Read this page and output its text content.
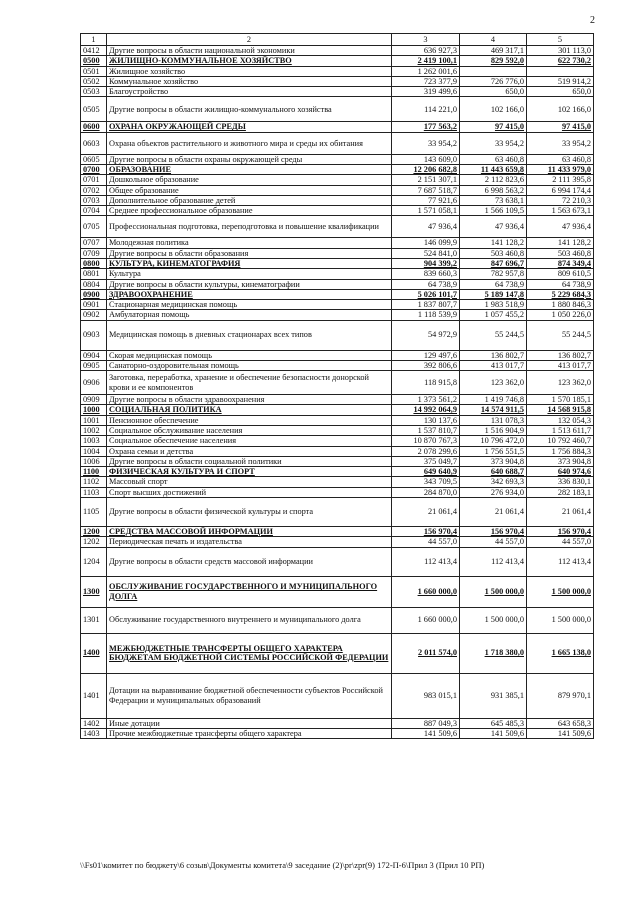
2
1	2	3	4	5
0412	Другие вопросы в области национальной экономики	636 927,3	469 317,1	301 113,0
0500	ЖИЛИЩНО-КОММУНАЛЬНОЕ ХОЗЯЙСТВО	2 419 100,1	829 592,0	622 730,2
0501	Жилищное хозяйство	1 262 001,6		
0502	Коммунальное хозяйство	723 377,9	726 776,0	519 914,2
0503	Благоустройство	319 499,6	650,0	650,0
0505	Другие вопросы в области жилищно-коммунального хозяйства	114 221,0	102 166,0	102 166,0
0600	ОХРАНА ОКРУЖАЮЩЕЙ СРЕДЫ	177 563,2	97 415,0	97 415,0
0603	Охрана объектов растительного и животного мира и среды их обитания	33 954,2	33 954,2	33 954,2
0605	Другие вопросы в области охраны окружающей среды	143 609,0	63 460,8	63 460,8
0700	ОБРАЗОВАНИЕ	12 206 682,8	11 443 659,8	11 433 979,0
0701	Дошкольное образование	2 151 307,1	2 112 823,6	2 111 395,8
0702	Общее образование	7 687 518,7	6 998 563,2	6 994 174,4
0703	Дополнительное образование детей	77 921,6	73 638,1	72 210,3
0704	Среднее профессиональное образование	1 571 058,1	1 566 109,5	1 563 673,1
0705	Профессиональная подготовка, переподготовка и повышение квалификации	47 936,4	47 936,4	47 936,4
0707	Молодежная политика	146 099,9	141 128,2	141 128,2
0709	Другие вопросы в области образования	524 841,0	503 460,8	503 460,8
0800	КУЛЬТУРА, КИНЕМАТОГРАФИЯ	904 399,2	847 696,7	874 349,4
0801	Культура	839 660,3	782 957,8	809 610,5
0804	Другие вопросы в области культуры, кинематографии	64 738,9	64 738,9	64 738,9
0900	ЗДРАВООХРАНЕНИЕ	5 026 101,7	5 189 147,8	5 229 684,3
0901	Стационарная медицинская помощь	1 837 807,7	1 983 518,9	1 880 846,3
0902	Амбулаторная помощь	1 118 539,9	1 057 455,2	1 050 226,0
0903	Медицинская помощь в дневных стационарах всех типов	54 972,9	55 244,5	55 244,5
0904	Скорая медицинская помощь	129 497,6	136 802,7	136 802,7
0905	Санаторно-оздоровительная помощь	392 806,6	413 017,7	413 017,7
0906	Заготовка, переработка, хранение и обеспечение безопасности донорской крови и ее компонентов	118 915,8	123 362,0	123 362,0
0909	Другие вопросы в области здравоохранения	1 373 561,2	1 419 746,8	1 570 185,1
1000	СОЦИАЛЬНАЯ ПОЛИТИКА	14 992 064,9	14 574 911,5	14 568 915,8
1001	Пенсионное обеспечение	130 137,6	131 078,3	132 054,3
1002	Социальное обслуживание населения	1 537 810,7	1 516 904,9	1 513 611,7
1003	Социальное обеспечение населения	10 870 767,3	10 796 472,0	10 792 460,7
1004	Охрана семьи и детства	2 078 299,6	1 756 551,5	1 756 884,3
1006	Другие вопросы в области социальной политики	375 049,7	373 904,8	373 904,8
1100	ФИЗИЧЕСКАЯ КУЛЬТУРА И СПОРТ	649 640,9	640 688,7	640 974,6
1102	Массовый спорт	343 709,5	342 693,3	336 830,1
1103	Спорт высших достижений	284 870,0	276 934,0	282 183,1
1105	Другие вопросы в области физической культуры и спорта	21 061,4	21 061,4	21 061,4
1200	СРЕДСТВА МАССОВОЙ ИНФОРМАЦИИ	156 970,4	156 970,4	156 970,4
1202	Периодическая печать и издательства	44 557,0	44 557,0	44 557,0
1204	Другие вопросы в области средств массовой информации	112 413,4	112 413,4	112 413,4
1300	ОБСЛУЖИВАНИЕ ГОСУДАРСТВЕННОГО И МУНИЦИПАЛЬНОГО ДОЛГА	1 660 000,0	1 500 000,0	1 500 000,0
1301	Обслуживание государственного внутреннего и муниципального долга	1 660 000,0	1 500 000,0	1 500 000,0
1400	МЕЖБЮДЖЕТНЫЕ ТРАНСФЕРТЫ ОБЩЕГО ХАРАКТЕРА БЮДЖЕТАМ БЮДЖЕТНОЙ СИСТЕМЫ РОССИЙСКОЙ ФЕДЕРАЦИИ	2 011 574,0	1 718 380,0	1 665 138,0
1401	Дотации на выравнивание бюджетной обеспеченности субъектов Российской Федерации и муниципальных образований	983 015,1	931 385,1	879 970,1
1402	Иные дотации	887 049,3	645 485,3	643 658,3
1403	Прочие межбюджетные трансферты общего характера	141 509,6	141 509,6	141 509,6
\\Fs01\комитет по бюджету\6 созыв\Документы комитета\9 заседание (2)\pr\zpr(9) 172-П-6\Прил 3 (Прил 10 РП)
